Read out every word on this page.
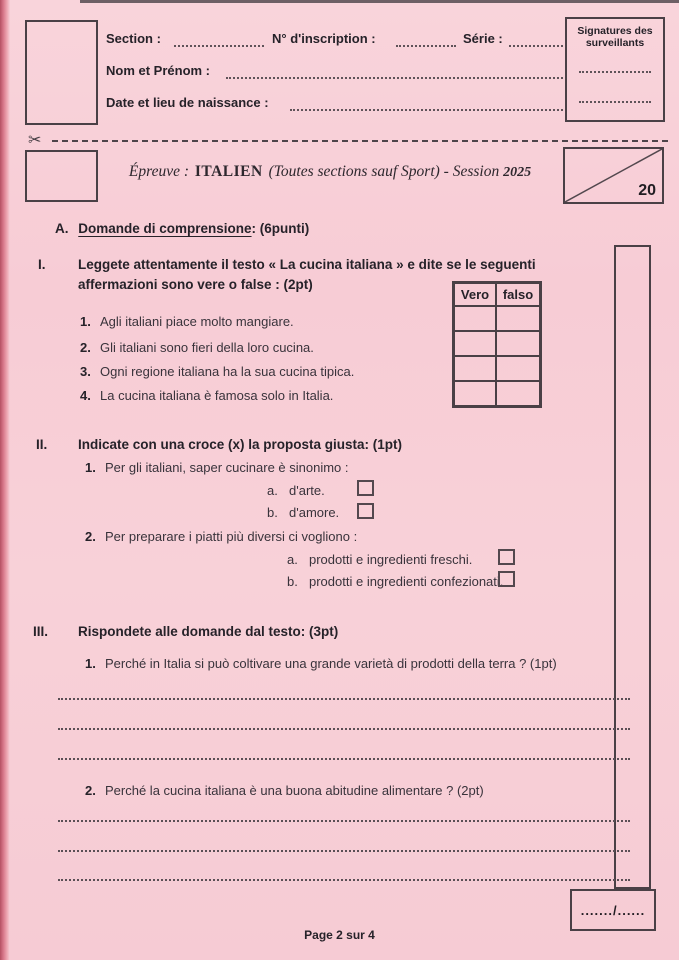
Section :	N° d'inscription :	Série :
Nom et Prénom :
Date et lieu de naissance :
Signatures des
surveillants
✂
Épreuve : ITALIEN (Toutes sections sauf Sport) - Session 2025
20
A. Domande di comprensione: (6punti)
I. Leggete attentamente il testo « La cucina italiana » e dite se le seguenti
affermazioni sono vere o false : (2pt)
Vero	falso
1. Agli italiani piace molto mangiare.
2. Gli italiani sono fieri della loro cucina.
3. Ogni regione italiana ha la sua cucina tipica.
4. La cucina italiana è famosa solo in Italia.
II. Indicate con una croce (x) la proposta giusta: (1pt)
1. Per gli italiani, saper cucinare è sinonimo :
a. d'arte.
b. d'amore.
2. Per preparare i piatti più diversi ci vogliono :
a. prodotti e ingredienti freschi.
b. prodotti e ingredienti confezionati.
III. Rispondete alle domande dal testo: (3pt)
1. Perché in Italia si può coltivare una grande varietà di prodotti della terra ? (1pt)
2. Perché la cucina italiana è una buona abitudine alimentare ? (2pt)
......./......
Page 2 sur 4
